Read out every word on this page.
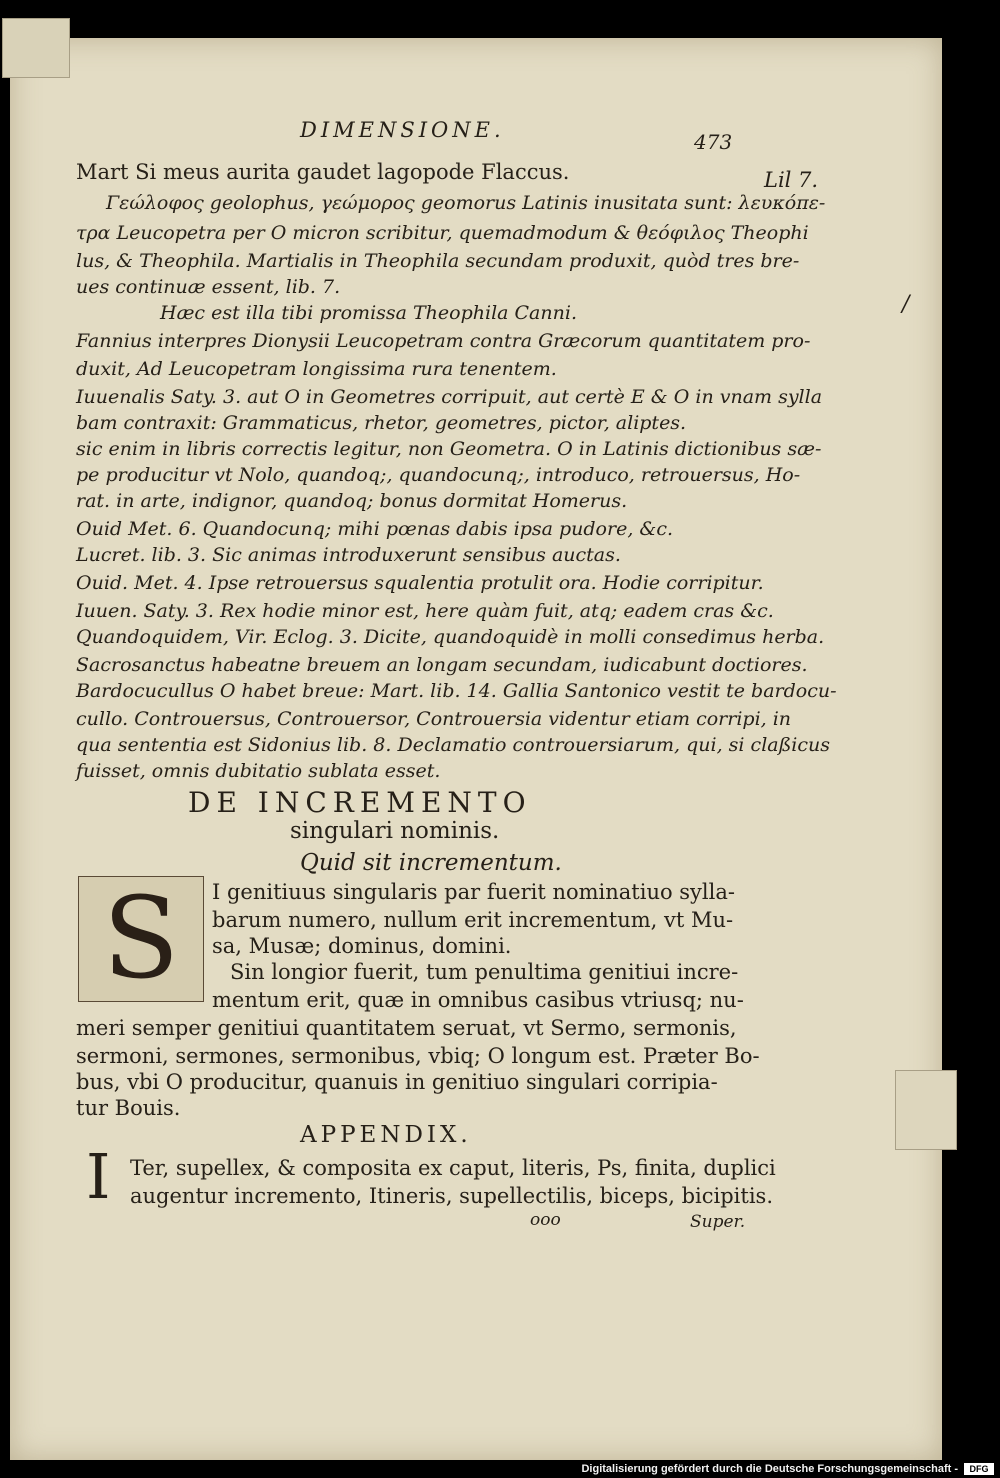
DIMENSIONE.	473
Lil 7.
/
Mart Si meus aurita gaudet lagopode Flaccus.
Γεώλοφος geolophus, γεώμορος geomorus Latinis inusitata sunt: λευκόπε-
τρα Leucopetra per O micron scribitur, quemadmodum & θεόφιλος Theophi
lus, & Theophila. Martialis in Theophila secundam produxit, quòd tres bre-
ues continuæ essent, lib. 7.
Hæc est illa tibi promissa Theophila Canni.
Fannius interpres Dionysii Leucopetram contra Græcorum quantitatem pro-
duxit, Ad Leucopetram longissima rura tenentem.
Iuuenalis Saty. 3. aut O in Geometres corripuit, aut certè E & O in vnam sylla
bam contraxit: Grammaticus, rhetor, geometres, pictor, aliptes.
sic enim in libris correctis legitur, non Geometra. O in Latinis dictionibus sæ-
pe producitur vt Nolo, quandoq;, quandocunq;, introduco, retrouersus, Ho-
rat. in arte, indignor, quandoq; bonus dormitat Homerus.
Ouid Met. 6. Quandocunq; mihi pœnas dabis ipsa pudore, &c.
Lucret. lib. 3. Sic animas introduxerunt sensibus auctas.
Ouid. Met. 4. Ipse retrouersus squalentia protulit ora. Hodie corripitur.
Iuuen. Saty. 3. Rex hodie minor est, here quàm fuit, atq; eadem cras &c.
Quandoquidem, Vir. Eclog. 3. Dicite, quandoquidè in molli consedimus herba.
Sacrosanctus habeatne breuem an longam secundam, iudicabunt doctiores.
Bardocucullus O habet breue: Mart. lib. 14. Gallia Santonico vestit te bardocu-
cullo. Controuersus, Controuersor, Controuersia videntur etiam corripi, in
qua sententia est Sidonius lib. 8. Declamatio controuersiarum, qui, si claßicus
fuisset, omnis dubitatio sublata esset.
DE INCREMENTO
singulari nominis.
Quid sit incrementum.
S	I genitiuus singularis par fuerit nominatiuo sylla-
barum numero, nullum erit incrementum, vt Mu-
sa, Musæ; dominus, domini.
Sin longior fuerit, tum penultima genitiui incre-
mentum erit, quæ in omnibus casibus vtriusq; nu-
meri semper genitiui quantitatem seruat, vt Sermo, sermonis,
sermoni, sermones, sermonibus, vbiq; O longum est. Præter Bo-
bus, vbi O producitur, quanuis in genitiuo singulari corripia-
tur Bouis.
APPENDIX.
I Ter, supellex, & composita ex caput, literis, Ps, finita, duplici
augentur incremento, Itineris, supellectilis, biceps, bicipitis.
ooo	Super.
Digitalisierung gefördert durch die Deutsche Forschungsgemeinschaft -	DFG
